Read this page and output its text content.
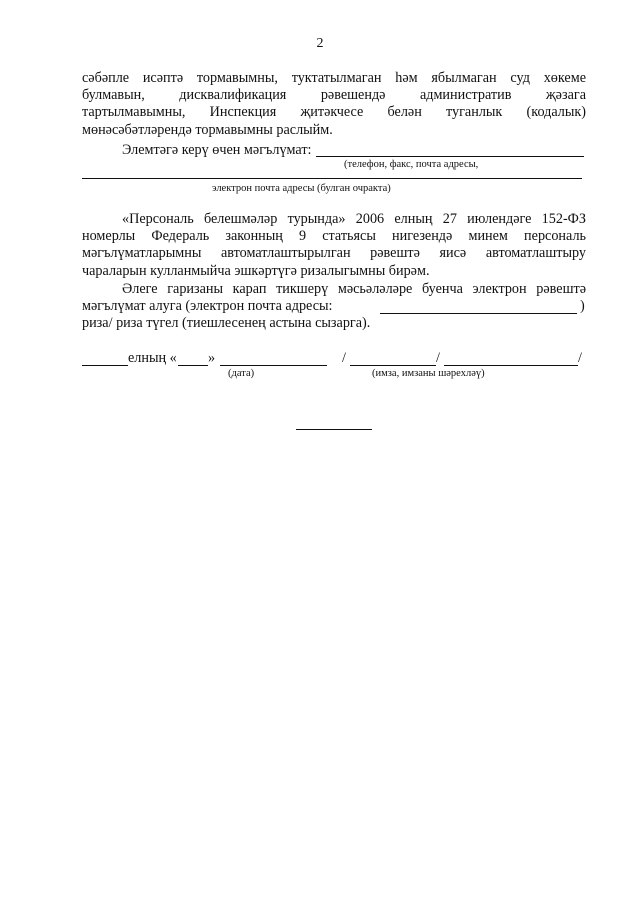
2
сәбәпле исәптә тормавымны, туктатылмаган һәм ябылмаган суд хөкеме
булмавын, дисквалификация рәвешендә административ җәзага
тартылмавымны, Инспекция җитәкчесе белән туганлык (кодалык)
мөнәсәбәтләрендә тормавымны раслыйм.
Элемтәгә керү өчен мәгълүмат:
(телефон, факс, почта адресы,
электрон почта адресы (булган очракта)
«Персональ белешмәләр турында» 2006 елның 27 июлендәге 152-ФЗ
номерлы Федераль законның 9 статьясы нигезендә минем персональ
мәгълүматларымны автоматлаштырылган рәвештә яисә автоматлаштыру
чараларын кулланмыйча эшкәртүгә ризалыгымны бирәм.
Әлеге гаризаны карап тикшерү мәсьәләләре буенча электрон рәвештә
мәгълүмат алуга (электрон почта адресы:	)
риза/ риза түгел (тиешлесенең астына сызарга).
елның « »
(дата)
/	/	/
(имза, имзаны шәрехләү)
